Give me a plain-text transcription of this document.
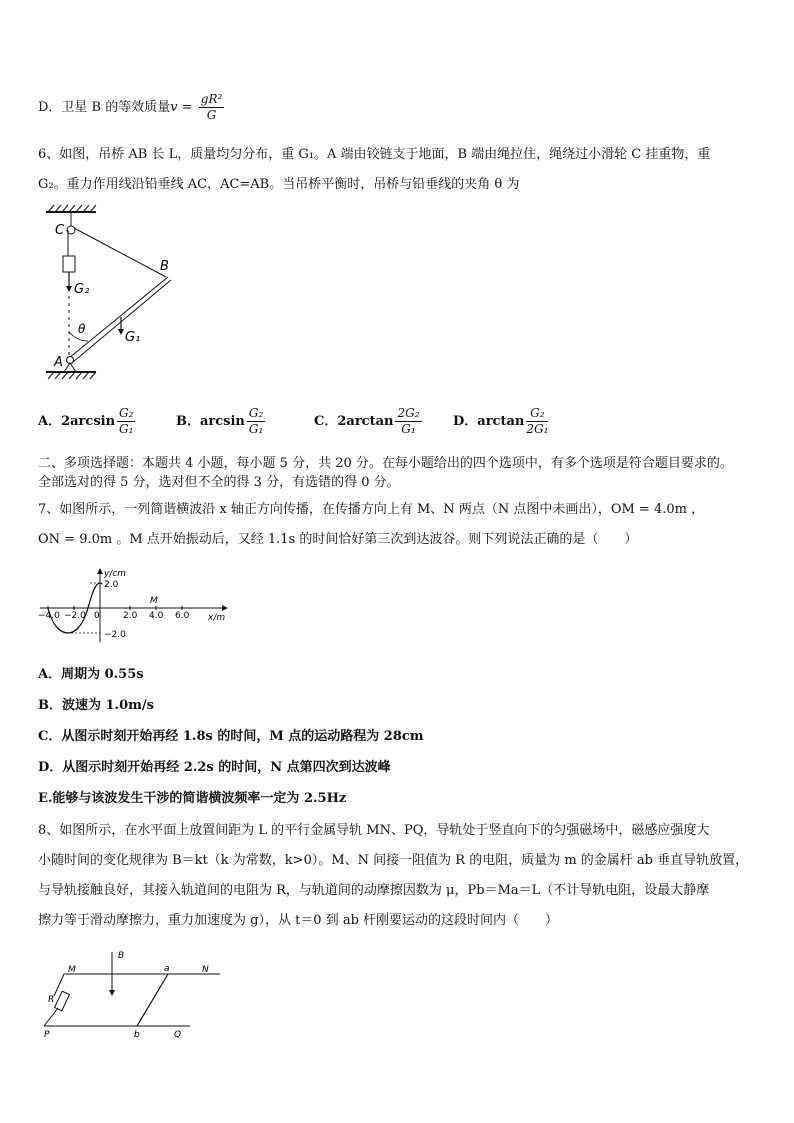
D．卫星 B 的等效质量$v = \frac{\text{gR²}}{G}$
6、如图，吊桥 AB 长 L，质量均匀分布，重 G₁。A 端由铰链支于地面，B 端由绳拉住，绳绕过小滑轮 C 挂重物，重
G₂。重力作用线沿铅垂线 AC，AC=AB。当吊桥平衡时，吊桥与铅垂线的夹角 θ 为
C
B
G₂
θ
G₁
A
A．$2\arcsin \frac{\text{G₂}}{\text{G₁}}$	B．$\arcsin \frac{\text{G₂}}{\text{G₁}}$	C．$2\arctan \frac{\text{2G₂}}{\text{G₁}}$ D．$\arctan \frac{\text{G₂}}{\text{2G₁}}$
二、多项选择题：本题共 4 小题，每小题 5 分，共 20 分。在每小题给出的四个选项中，有多个选项是符合题目要求的。
全部选对的得 5 分，选对但不全的得 3 分，有选错的得 0 分。
7、如图所示，一列简谐横波沿 x 轴正方向传播，在传播方向上有 M、N 两点（N 点图中未画出），OM = 4.0m ，
ON = 9.0m 。M 点开始振动后，又经 1.1s 的时间恰好第三次到达波谷。则下列说法正确的是（　　）
y/cm
2.0
−2.0
−4.0 −2.0 0	2.0 4.0 6.0 x/m
M
A．周期为 0.55s
B．波速为 1.0m/s
C．从图示时刻开始再经 1.8s 的时间，M 点的运动路程为 28cm
D．从图示时刻开始再经 2.2s 的时间，N 点第四次到达波峰
E.能够与该波发生干涉的简谐横波频率一定为 2.5Hz
8、如图所示，在水平面上放置间距为 L 的平行金属导轨 MN、PQ，导轨处于竖直向下的匀强磁场中，磁感应强度大
小随时间的变化规律为 B＝kt（k 为常数，k>0）。M、N 间接一阻值为 R 的电阻，质量为 m 的金属杆 ab 垂直导轨放置，
与导轨接触良好，其接入轨道间的电阻为 R，与轨道间的动摩擦因数为 μ，Pb＝Ma＝L（不计导轨电阻，设最大静摩
擦力等于滑动摩擦力，重力加速度为 g），从 t＝0 到 ab 杆刚要运动的这段时间内（　　）
B
M	a	N
R
P	b	Q
